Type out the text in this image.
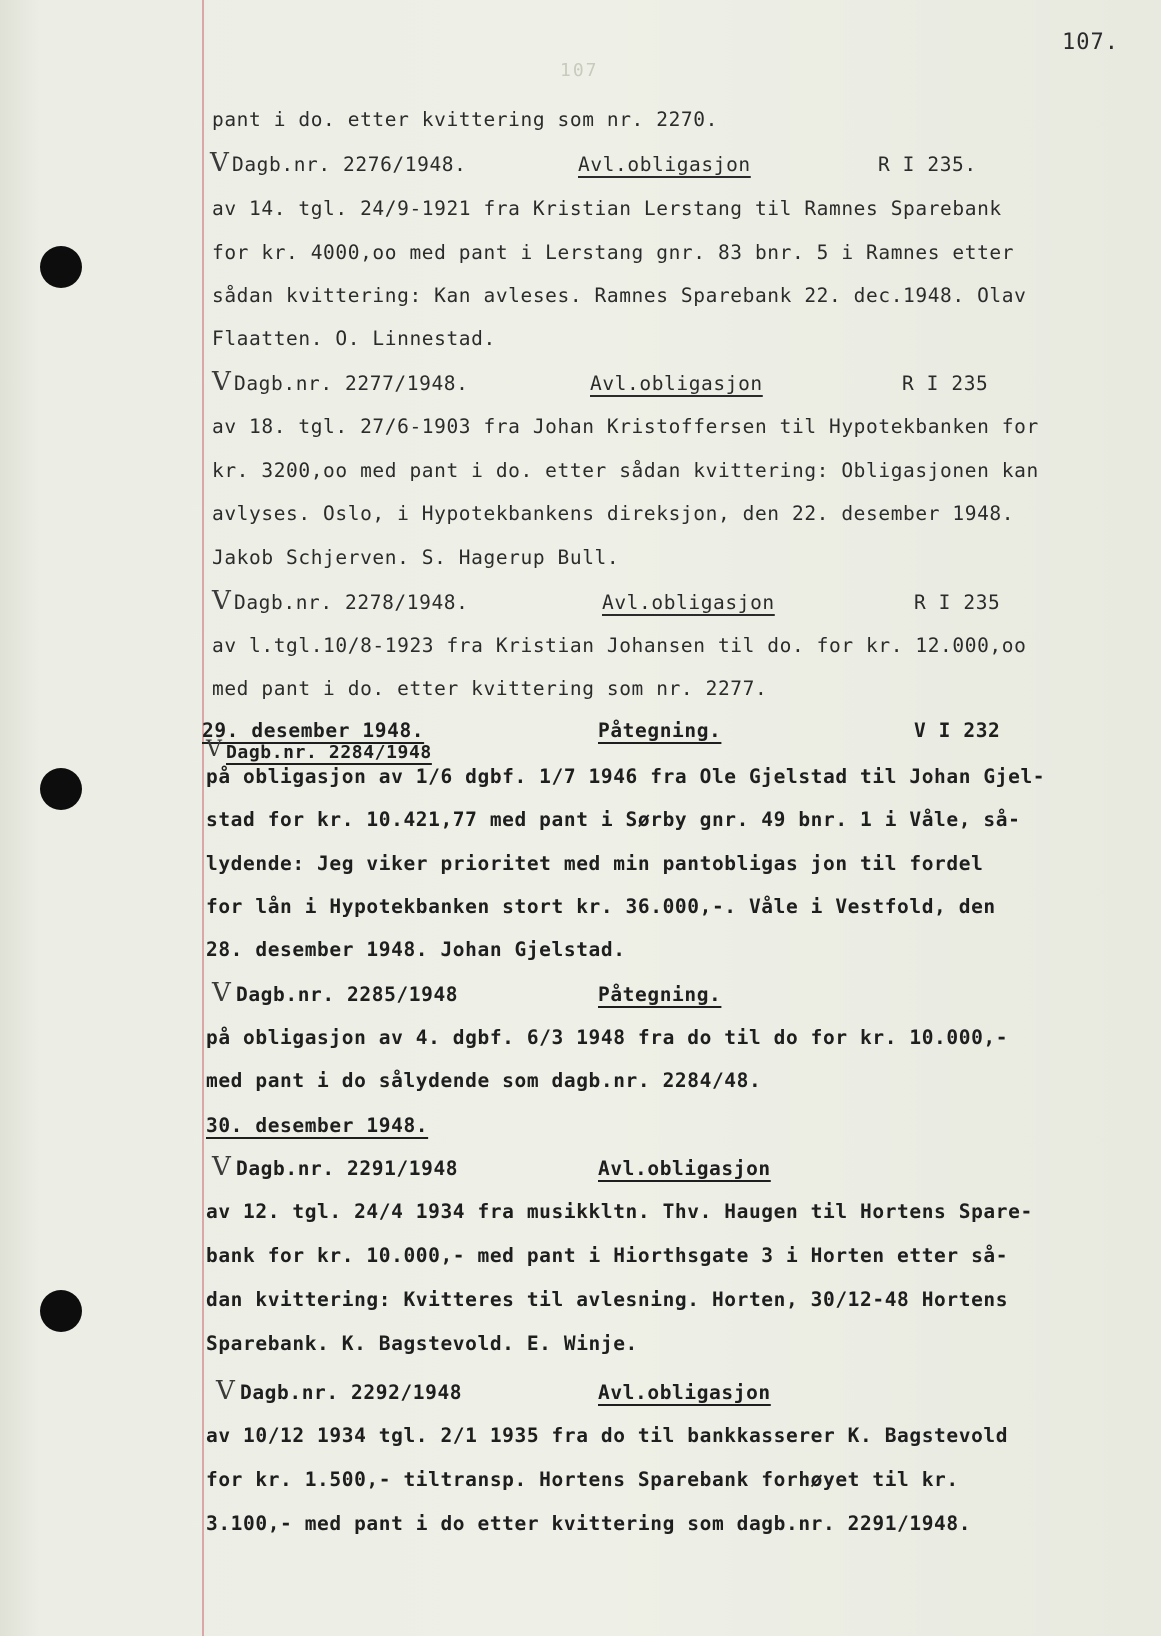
107
107.
pant i do. etter kvittering som nr. 2270.
V Dagb.nr. 2276/1948.	Avl.obligasjon	R I 235.
av 14. tgl. 24/9-1921 fra Kristian Lerstang til Ramnes Sparebank
for kr. 4000,oo med pant i Lerstang gnr. 83 bnr. 5 i Ramnes etter
sådan kvittering: Kan avleses. Ramnes Sparebank 22. dec.1948. Olav
Flaatten. O. Linnestad.
V Dagb.nr. 2277/1948.	Avl.obligasjon	R I 235
av 18. tgl. 27/6-1903 fra Johan Kristoffersen til Hypotekbanken for
kr. 3200,oo med pant i do. etter sådan kvittering: Obligasjonen kan
avlyses. Oslo, i Hypotekbankens direksjon, den 22. desember 1948.
Jakob Schjerven. S. Hagerup Bull.
V Dagb.nr. 2278/1948.	Avl.obligasjon	R I 235
av l.tgl.10/8-1923 fra Kristian Johansen til do. for kr. 12.000,oo
med pant i do. etter kvittering som nr. 2277.
29. desember 1948.	Påtegning.	V I 232
V Dagb.nr. 2284/1948
på obligasjon av 1/6 dgbf. 1/7 1946 fra Ole Gjelstad til Johan Gjel-
stad for kr. 10.421,77 med pant i Sørby gnr. 49 bnr. 1 i Våle, så-
lydende: Jeg viker prioritet med min pantobligas jon til fordel
for lån i Hypotekbanken stort kr. 36.000,-. Våle i Vestfold, den
28. desember 1948. Johan Gjelstad.
V Dagb.nr. 2285/1948	Påtegning.
på obligasjon av 4. dgbf. 6/3 1948 fra do til do for kr. 10.000,-
med pant i do sålydende som dagb.nr. 2284/48.
30. desember 1948.
V Dagb.nr. 2291/1948	Avl.obligasjon
av 12. tgl. 24/4 1934 fra musikkltn. Thv. Haugen til Hortens Spare-
bank for kr. 10.000,- med pant i Hiorthsgate 3 i Horten etter så-
dan kvittering: Kvitteres til avlesning. Horten, 30/12-48 Hortens
Sparebank. K. Bagstevold. E. Winje.
V Dagb.nr. 2292/1948	Avl.obligasjon
av 10/12 1934 tgl. 2/1 1935 fra do til bankkasserer K. Bagstevold
for kr. 1.500,- tiltransp. Hortens Sparebank forhøyet til kr.
3.100,- med pant i do etter kvittering som dagb.nr. 2291/1948.
